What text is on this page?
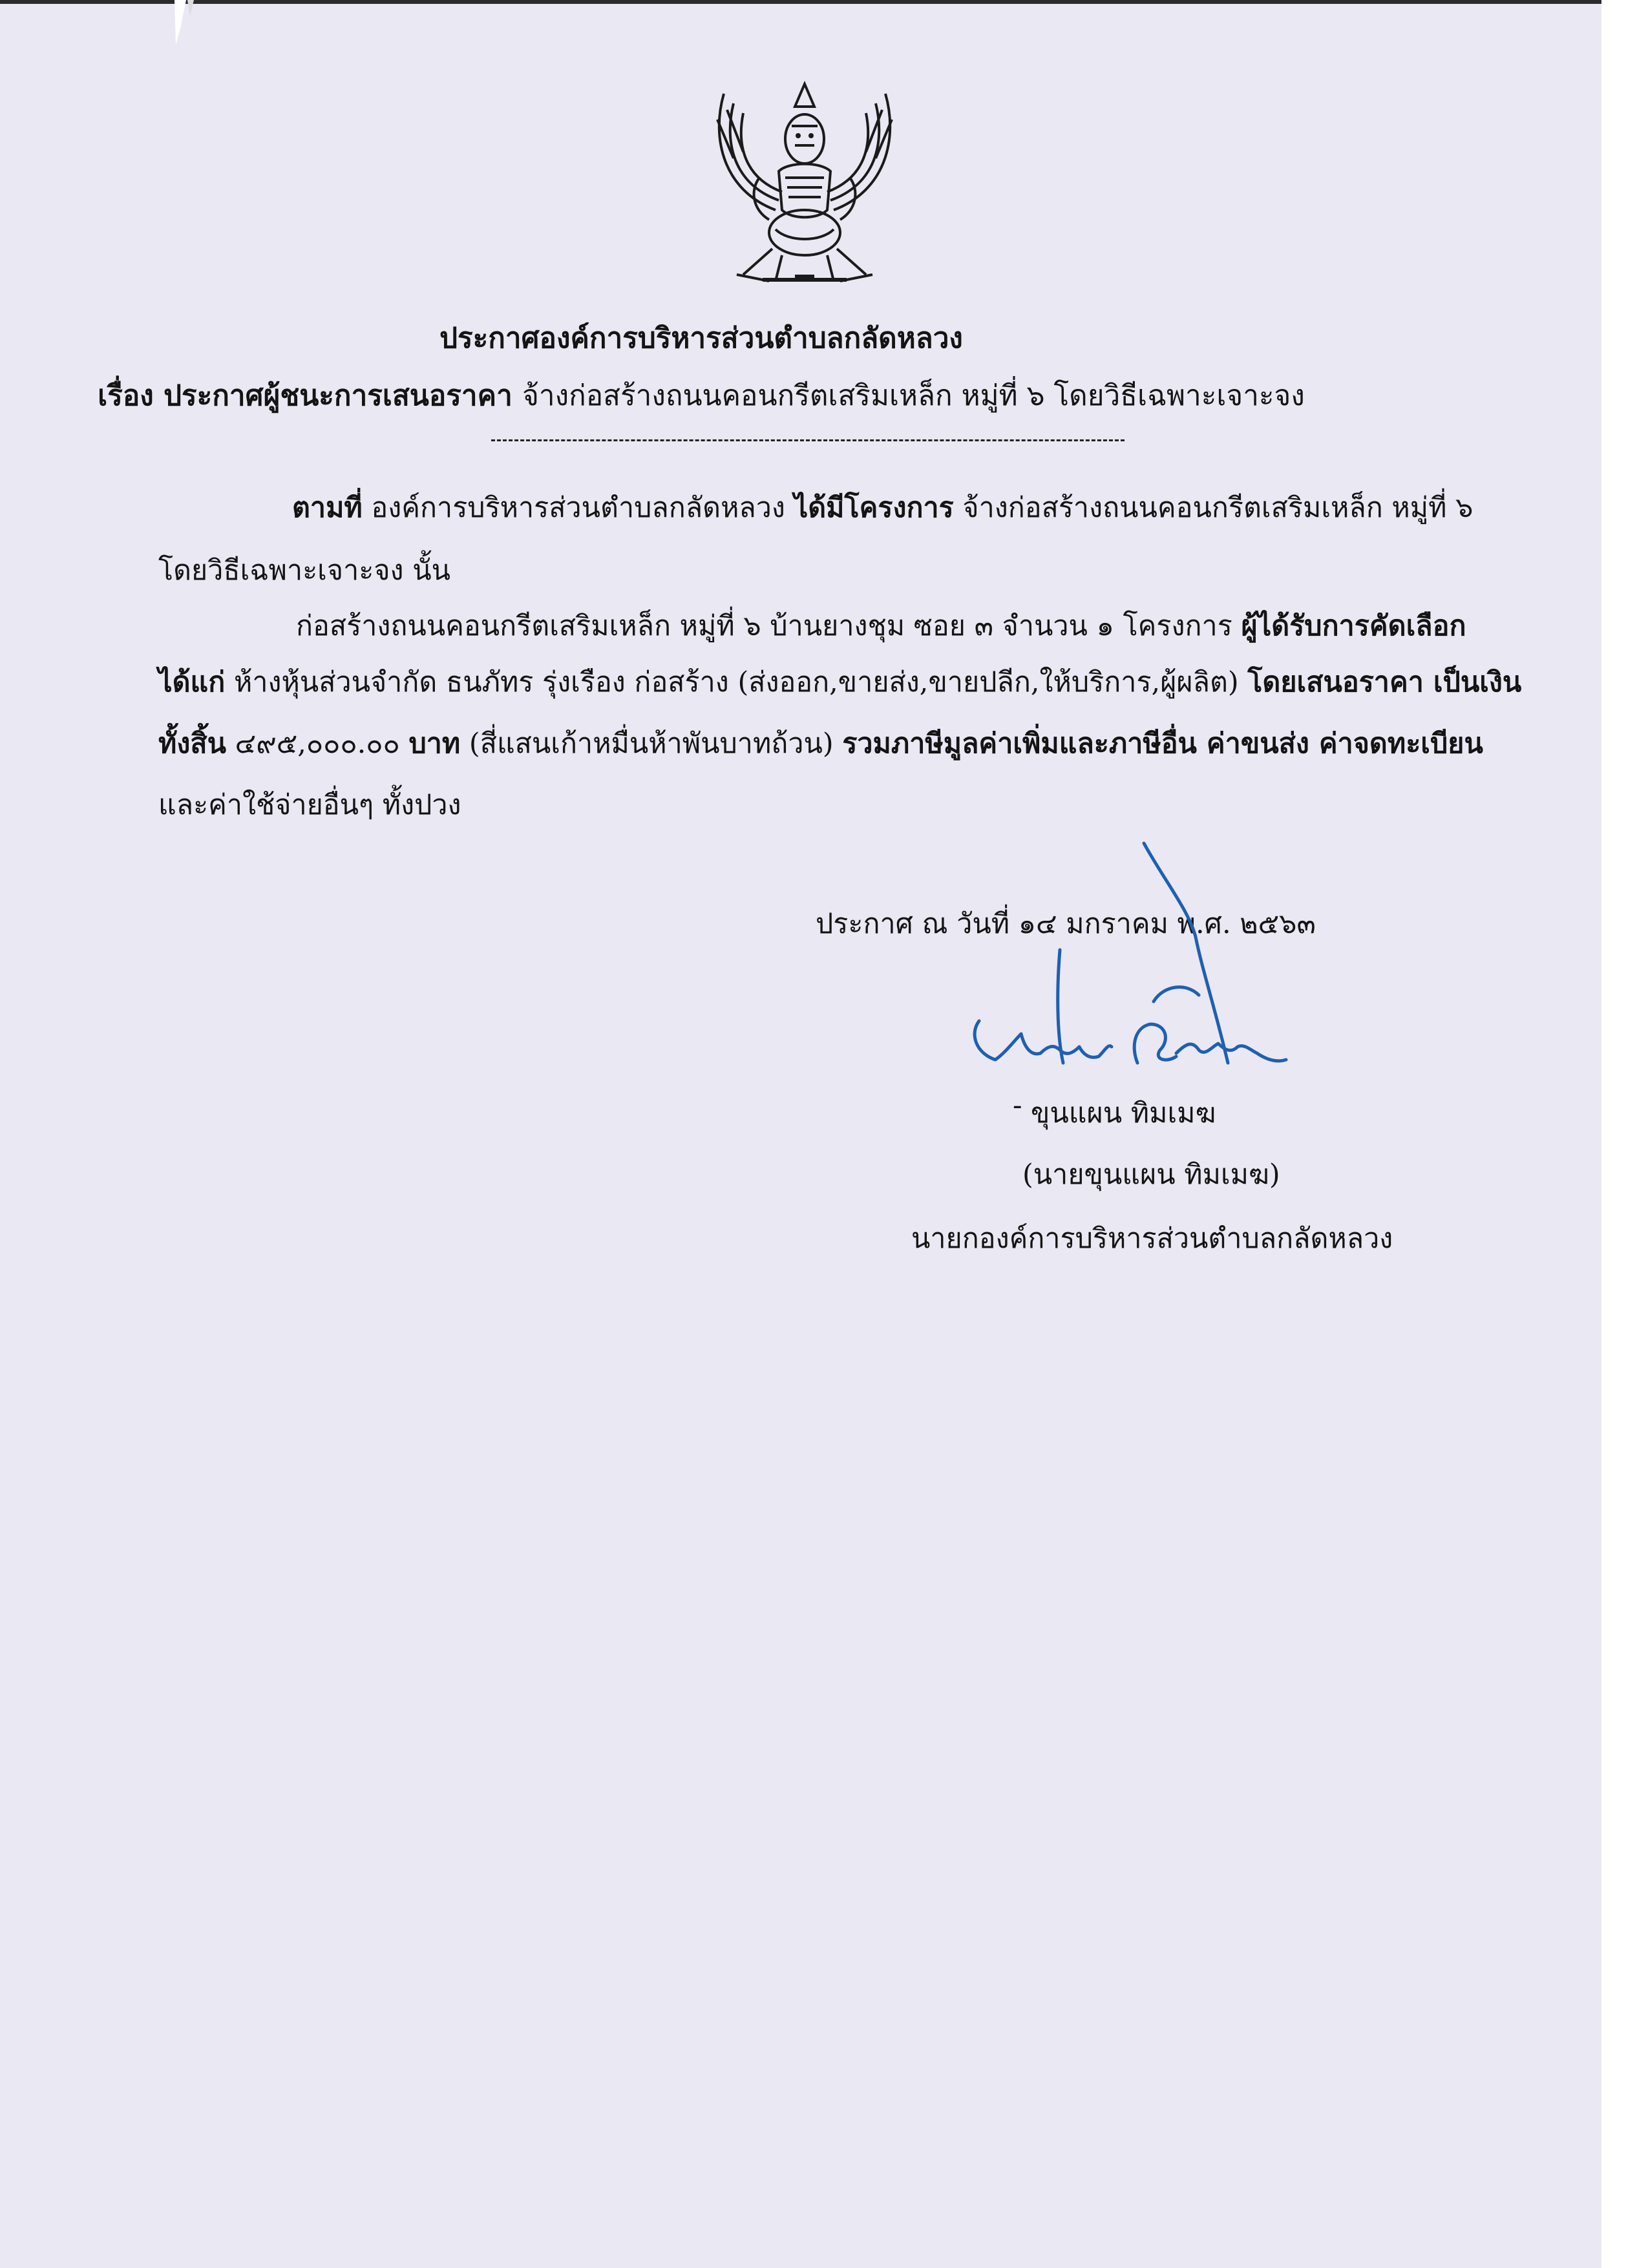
ประกาศองค์การบริหารส่วนตำบลกลัดหลวง
เรื่อง ประกาศผู้ชนะการเสนอราคา จ้างก่อสร้างถนนคอนกรีตเสริมเหล็ก หมู่ที่ ๖ โดยวิธีเฉพาะเจาะจง
ตามที่ องค์การบริหารส่วนตำบลกลัดหลวง ได้มีโครงการ จ้างก่อสร้างถนนคอนกรีตเสริมเหล็ก หมู่ที่ ๖
โดยวิธีเฉพาะเจาะจง นั้น
ก่อสร้างถนนคอนกรีตเสริมเหล็ก หมู่ที่ ๖ บ้านยางชุม ซอย ๓ จำนวน ๑ โครงการ ผู้ได้รับการคัดเลือก
ได้แก่ ห้างหุ้นส่วนจำกัด ธนภัทร รุ่งเรือง ก่อสร้าง (ส่งออก,ขายส่ง,ขายปลีก,ให้บริการ,ผู้ผลิต) โดยเสนอราคา เป็นเงิน
ทั้งสิ้น ๔๙๕,๐๐๐.๐๐ บาท (สี่แสนเก้าหมื่นห้าพันบาทถ้วน) รวมภาษีมูลค่าเพิ่มและภาษีอื่น ค่าขนส่ง ค่าจดทะเบียน
และค่าใช้จ่ายอื่นๆ ทั้งปวง
ประกาศ ณ วันที่ ๑๔ มกราคม พ.ศ. ๒๕๖๓
- ขุนแผน ทิมเมฆ
(นายขุนแผน ทิมเมฆ)
นายกองค์การบริหารส่วนตำบลกลัดหลวง
